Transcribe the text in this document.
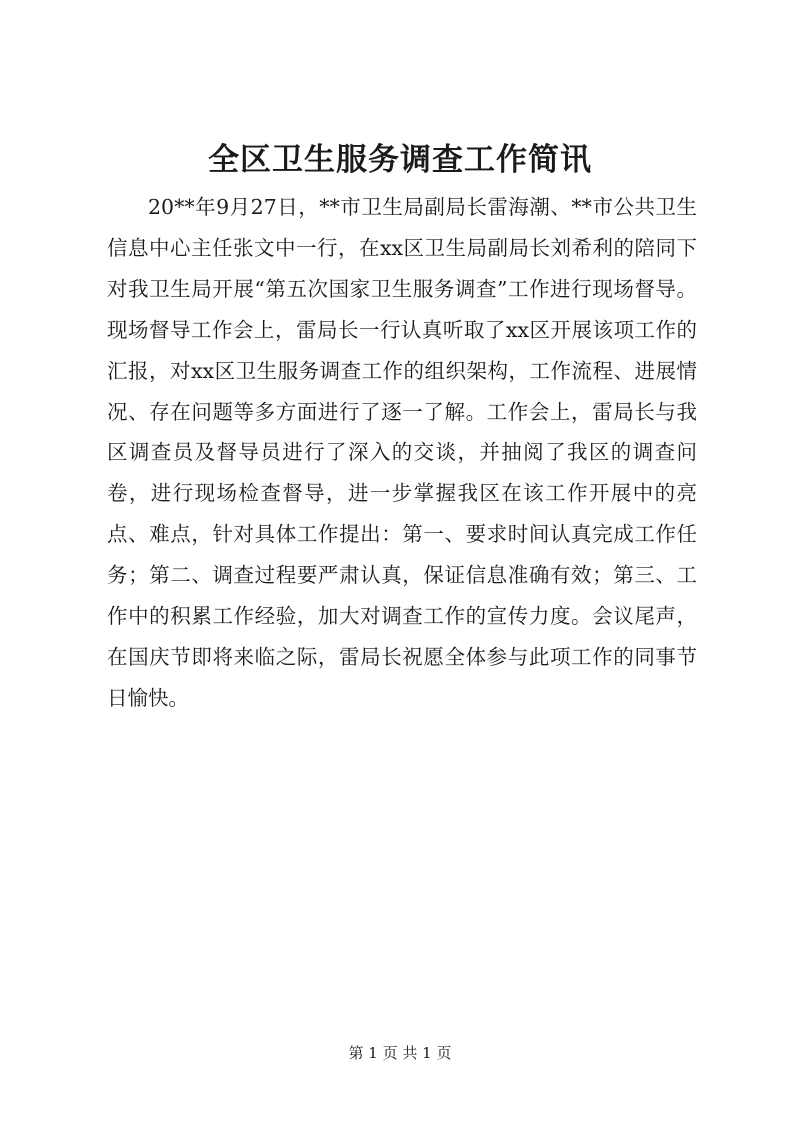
全区卫生服务调查工作简讯

20**年9月27日，**市卫生局副局长雷海潮、**市公共卫生信息中心主任张文中一行，在xx区卫生局副局长刘希利的陪同下对我卫生局开展“第五次国家卫生服务调查”工作进行现场督导。现场督导工作会上，雷局长一行认真听取了xx区开展该项工作的汇报，对xx区卫生服务调查工作的组织架构，工作流程、进展情况、存在问题等多方面进行了逐一了解。工作会上，雷局长与我区调查员及督导员进行了深入的交谈，并抽阅了我区的调查问卷，进行现场检查督导，进一步掌握我区在该工作开展中的亮点、难点，针对具体工作提出：第一、要求时间认真完成工作任务；第二、调查过程要严肃认真，保证信息准确有效；第三、工作中的积累工作经验，加大对调查工作的宣传力度。会议尾声，在国庆节即将来临之际，雷局长祝愿全体参与此项工作的同事节日愉快。

第 1 页 共 1 页
